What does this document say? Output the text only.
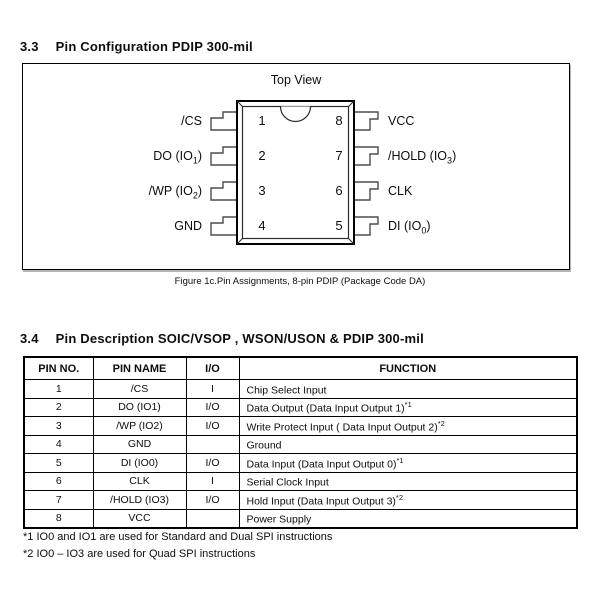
3.3 Pin Configuration PDIP 300-mil
Top View
1
2
3
4
8
7
6
5
/CS
DO $(IO_1)$
/WP $(IO_2)$
GND
VCC
/HOLD $(IO_3)$
CLK
DI $(IO_0)$
Figure 1c.Pin Assignments, 8-pin PDIP (Package Code DA)
3.4 Pin Description SOIC/VSOP , WSON/USON & PDIP 300-mil
PIN NO.	PIN NAME	I/O	FUNCTION
1	/CS	I	Chip Select Input
2	DO (IO1)	I/O	Data Output (Data Input Output 1)$^{*1}$
3	/WP (IO2)	I/O	Write Protect Input ( Data Input Output 2)$^{*2}$
4	GND		Ground
5	DI (IO0)	I/O	Data Input (Data Input Output 0)$^{*1}$
6	CLK	I	Serial Clock Input
7	/HOLD (IO3)	I/O	Hold Input (Data Input Output 3)$^{*2}$
8	VCC		Power Supply
*1 IO0 and IO1 are used for Standard and Dual SPI instructions
*2 IO0 – IO3 are used for Quad SPI instructions
